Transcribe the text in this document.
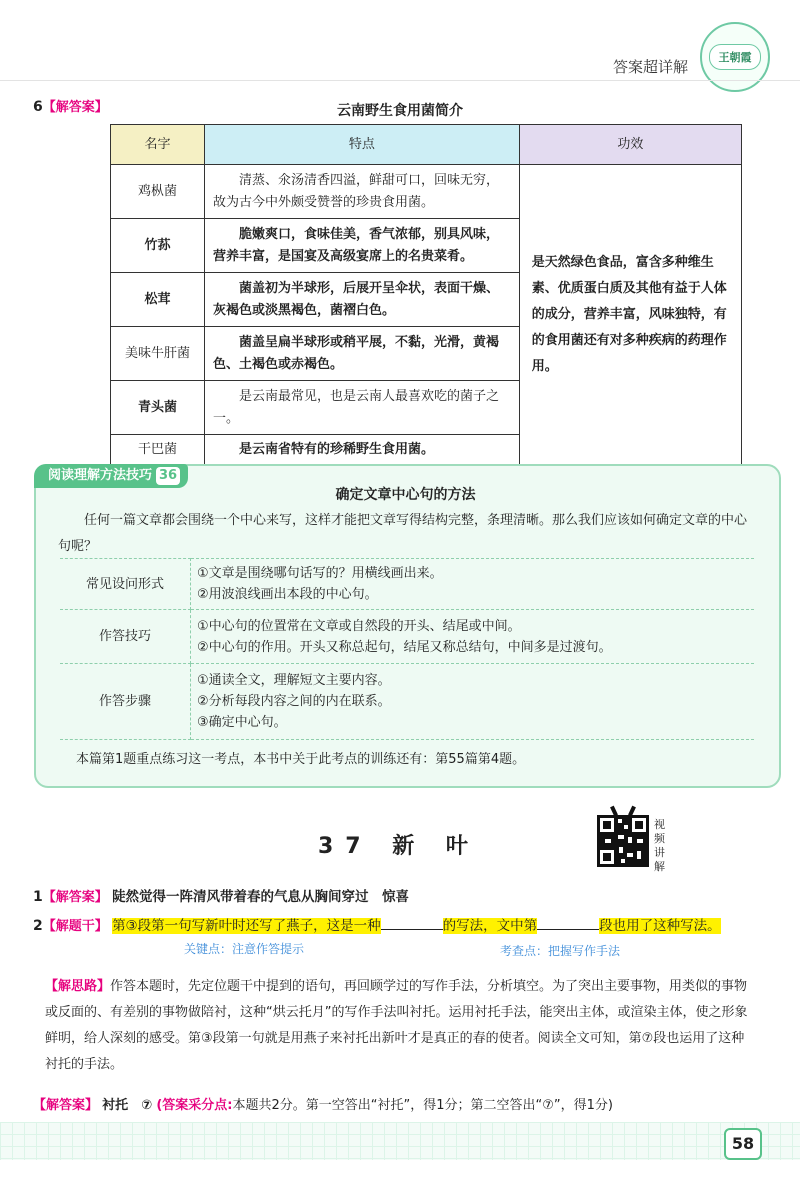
答案超详解
王朝霞
6【解答案】	云南野生食用菌简介
名字	特点	功效
鸡枞菌	清蒸、氽汤清香四溢，鲜甜可口，回味无穷，故为古今中外颇受赞誉的珍贵食用菌。	是天然绿色食品，富含多种维生素、优质蛋白质及其他有益于人体的成分，营养丰富，风味独特，有的食用菌还有对多种疾病的药理作用。
竹荪	脆嫩爽口，食味佳美，香气浓郁，别具风味，营养丰富，是国宴及高级宴席上的名贵菜肴。	
松茸	菌盖初为半球形，后展开呈伞状，表面干燥、灰褐色或淡黑褐色，菌褶白色。	
美味牛肝菌	菌盖呈扁半球形或稍平展，不黏，光滑，黄褐色、土褐色或赤褐色。	
青头菌	是云南最常见，也是云南人最喜欢吃的菌子之一。	
干巴菌	是云南省特有的珍稀野生食用菌。	
阅读理解方法技巧 36
确定文章中心句的方法
任何一篇文章都会围绕一个中心来写，这样才能把文章写得结构完整，条理清晰。那么我们应该如何确定文章的中心句呢？
常见设问形式	①文章是围绕哪句话写的？用横线画出来。
②用波浪线画出本段的中心句。

作答技巧	①中心句的位置常在文章或自然段的开头、结尾或中间。
②中心句的作用。开头又称总起句，结尾又称总结句，中间多是过渡句。

作答步骤	①通读全文，理解短文主要内容。
②分析每段内容之间的内在联系。
③确定中心句。
本篇第1题重点练习这一考点，本书中关于此考点的训练还有：第55篇第4题。
37 新 叶
视频讲解
1【解答案】 陡然觉得一阵清风带着春的气息从胸间穿过　惊喜
2【解题干】 第③段第一句写新叶时还写了燕子，这是一种	的写法，文中第	段也用了这种写法。
关键点：注意作答提示	考查点：把握写作手法
【解思路】作答本题时，先定位题干中提到的语句，再回顾学过的写作手法，分析填空。为了突出主要事物，用类似的事物或反面的、有差别的事物做陪衬，这种“烘云托月”的写作手法叫衬托。运用衬托手法，能突出主体，或渲染主体，使之形象鲜明，给人深刻的感受。第③段第一句就是用燕子来衬托出新叶才是真正的春的使者。阅读全文可知，第⑦段也运用了这种衬托的手法。
【解答案】 衬托　⑦ (答案采分点:本题共2分。第一空答出“衬托”，得1分；第二空答出“⑦”，得1分)
58
